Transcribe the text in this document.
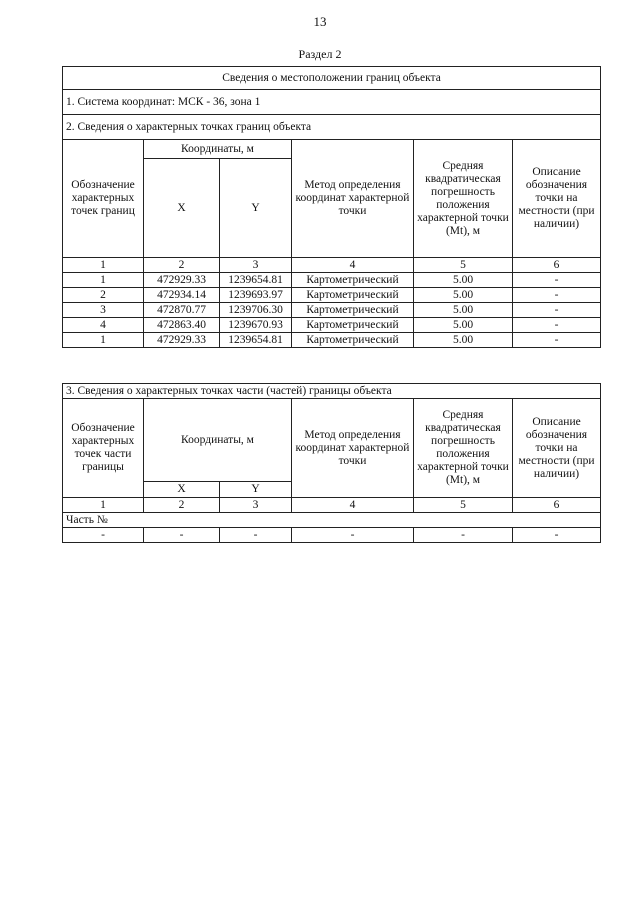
13
Раздел 2
Сведения о местоположении границ объекта					
1. Система координат: МСК - 36, зона 1					
2. Сведения о характерных точках границ объекта					
Обозначение характерных точек границ	Координаты, м		Метод определения координат характерной точки	Средняя квадратическая погрешность положения характерной точки (Mt), м	Описание обозначения точки на местности (при наличии)
	X	Y			
1	2	3	4	5	6
1	472929.33	1239654.81	Картометрический	5.00	-
2	472934.14	1239693.97	Картометрический	5.00	-
3	472870.77	1239706.30	Картометрический	5.00	-
4	472863.40	1239670.93	Картометрический	5.00	-
1	472929.33	1239654.81	Картометрический	5.00	-
3. Сведения о характерных точках части (частей) границы объекта					
Обозначение характерных точек части границы	Координаты, м		Метод определения координат характерной точки	Средняя квадратическая погрешность положения характерной точки (Mt), м	Описание обозначения точки на местности (при наличии)
	X	Y			
1	2	3	4	5	6
Часть №					
-	-	-	-	-	-
